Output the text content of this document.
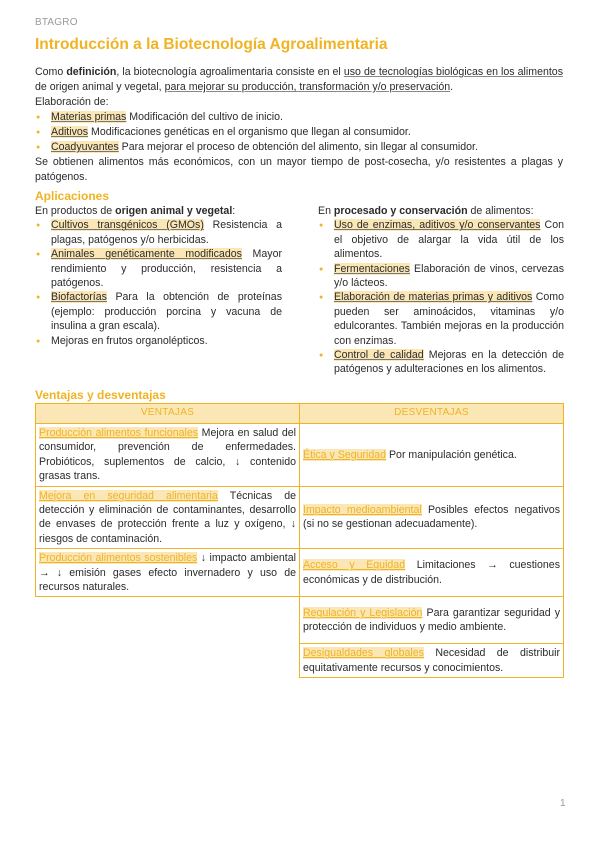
BTAGRO
Introducción a la Biotecnología Agroalimentaria

Como definición, la biotecnología agroalimentaria consiste en el uso de tecnologías biológicas en los alimentos de origen animal y vegetal, para mejorar su producción, transformación y/o preservación.

Elaboración de:

● Materias primas Modificación del cultivo de inicio.
● Aditivos Modificaciones genéticas en el organismo que llegan al consumidor.
● Coadyuvantes Para mejorar el proceso de obtención del alimento, sin llegar al consumidor.

Se obtienen alimentos más económicos, con un mayor tiempo de post-cosecha, y/o resistentes a plagas y patógenos.

Aplicaciones

En productos de origen animal y vegetal:

● Cultivos transgénicos (GMOs) Resistencia a plagas, patógenos y/o herbicidas.
● Animales genéticamente modificados Mayor rendimiento y producción, resistencia a patógenos.
● Biofactorías Para la obtención de proteínas (ejemplo: producción porcina y vacuna de insulina a gran escala).
● Mejoras en frutos organolépticos.

En procesado y conservación de alimentos:

● Uso de enzimas, aditivos y/o conservantes Con el objetivo de alargar la vida útil de los alimentos.
● Fermentaciones Elaboración de vinos, cervezas y/o lácteos.
● Elaboración de materias primas y aditivos Como pueden ser aminoácidos, vitaminas y/o edulcorantes. También mejoras en la producción con enzimas.
● Control de calidad Mejoras en la detección de patógenos y adulteraciones en los alimentos.
Ventajas y desventajas
VENTAJAS	DESVENTAJAS
Producción alimentos funcionales Mejora en salud del consumidor, prevención de enfermedades. Probióticos, suplementos de calcio, ↓ contenido grasas trans.	Ética y Seguridad Por manipulación genética.
Mejora en seguridad alimentaria Técnicas de detección y eliminación de contaminantes, desarrollo de envases de protección frente a luz y oxígeno, ↓ riesgos de contaminación.	Impacto medioambiental Posibles efectos negativos (si no se gestionan adecuadamente).
Producción alimentos sostenibles ↓ impacto ambiental → ↓ emisión gases efecto invernadero y uso de recursos naturales.	Acceso y Equidad Limitaciones → cuestiones económicas y de distribución.
	Regulación y Legislación Para garantizar seguridad y protección de individuos y medio ambiente.
	Desigualdades globales Necesidad de distribuir equitativamente recursos y conocimientos.
1
